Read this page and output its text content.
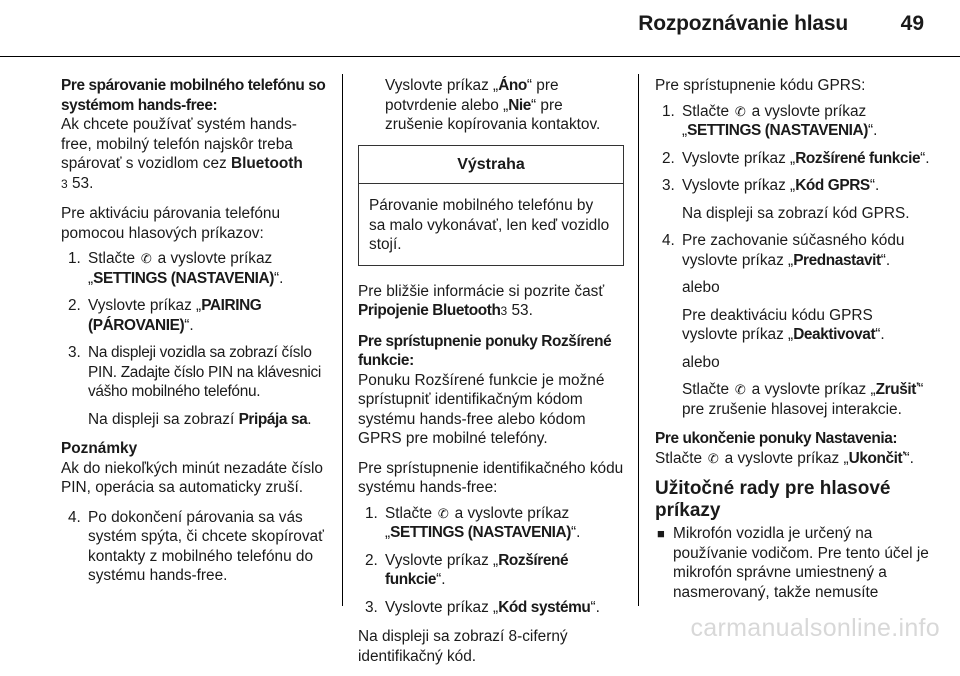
Rozpoznávanie hlasu	49

Pre spárovanie mobilného telefónu so systémom hands-free:

Ak chcete používať systém hands-free, mobilný telefón najskôr treba spárovať s vozidlom cez Bluetooth
3 53.

Pre aktiváciu párovania telefónu pomocou hlasových príkazov:

1. Stlačte ✆ a vyslovte príkaz „SETTINGS (NASTAVENIA)“.
2. Vyslovte príkaz „PAIRING (PÁROVANIE)“.
3. Na displeji vozidla sa zobrazí číslo PIN. Zadajte číslo PIN na klávesnici vášho mobilného telefónu.
Na displeji sa zobrazí Pripája sa.
Poznámky
Ak do niekoľkých minút nezadáte číslo PIN, operácia sa automaticky zruší.
4. Po dokončení párovania sa vás systém spýta, či chcete skopírovať kontakty z mobilného telefónu do systému hands-free.

Vyslovte príkaz „Áno“ pre potvrdenie alebo „Nie“ pre zrušenie kopírovania kontaktov.

Výstraha
Párovanie mobilného telefónu by sa malo vykonávať, len keď vozidlo stojí.

Pre bližšie informácie si pozrite časť Pripojenie Bluetooth3 53.

Pre sprístupnenie ponuky Rozšírené funkcie:

Ponuku Rozšírené funkcie je možné sprístupniť identifikačným kódom systému hands-free alebo kódom GPRS pre mobilné telefóny.

Pre sprístupnenie identifikačného kódu systému hands-free:

1. Stlačte ✆ a vyslovte príkaz „SETTINGS (NASTAVENIA)“.
2. Vyslovte príkaz „Rozšírené funkcie“.
3. Vyslovte príkaz „Kód systému“.

Na displeji sa zobrazí 8-ciferný identifikačný kód.

Pre sprístupnenie kódu GPRS:

1. Stlačte ✆ a vyslovte príkaz „SETTINGS (NASTAVENIA)“.
2. Vyslovte príkaz „Rozšírené funkcie“.
3. Vyslovte príkaz „Kód GPRS“.
Na displeji sa zobrazí kód GPRS.
4. Pre zachovanie súčasného kódu vyslovte príkaz „Prednastavit“.
alebo
Pre deaktiváciu kódu GPRS vyslovte príkaz „Deaktivovat“.
alebo
Stlačte ✆ a vyslovte príkaz „Zrušiť“ pre zrušenie hlasovej interakcie.

Pre ukončenie ponuky Nastavenia:

Stlačte ✆ a vyslovte príkaz „Ukončiť“.

Užitočné rady pre hlasové príkazy
■ Mikrofón vozidla je určený na používanie vodičom. Pre tento účel je mikrofón správne umiestnený a nasmerovaný, takže nemusíte
carmanualsonline.info
